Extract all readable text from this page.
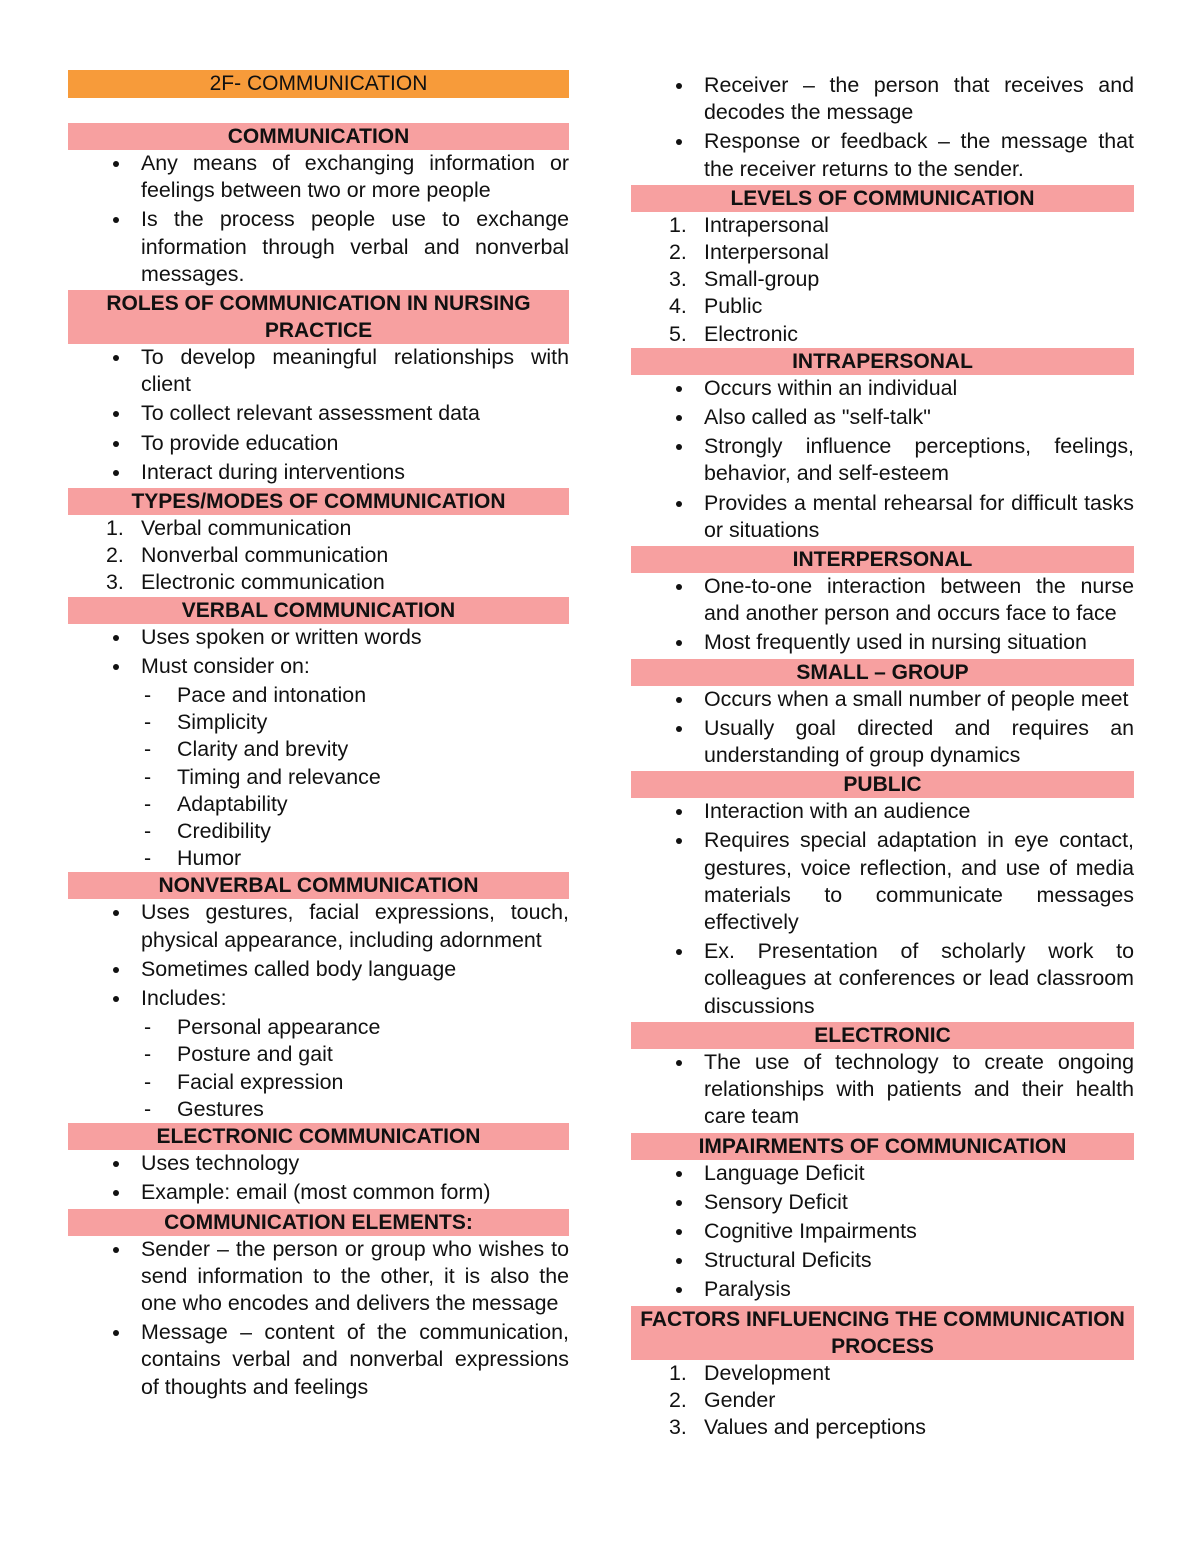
2F- COMMUNICATION
COMMUNICATION
Any means of exchanging information or feelings between two or more people
Is the process people use to exchange information through verbal and nonverbal messages.
ROLES OF COMMUNICATION IN NURSING PRACTICE
To develop meaningful relationships with client
To collect relevant assessment data
To provide education
Interact during interventions
TYPES/MODES OF COMMUNICATION
1. Verbal communication
2. Nonverbal communication
3. Electronic communication
VERBAL COMMUNICATION
Uses spoken or written words
Must consider on:
- Pace and intonation
- Simplicity
- Clarity and brevity
- Timing and relevance
- Adaptability
- Credibility
- Humor
NONVERBAL COMMUNICATION
Uses gestures, facial expressions, touch, physical appearance, including adornment
Sometimes called body language
Includes:
- Personal appearance
- Posture and gait
- Facial expression
- Gestures
ELECTRONIC COMMUNICATION
Uses technology
Example: email (most common form)
COMMUNICATION ELEMENTS:
Sender – the person or group who wishes to send information to the other, it is also the one who encodes and delivers the message
Message – content of the communication, contains verbal and nonverbal expressions of thoughts and feelings
Receiver – the person that receives and decodes the message
Response or feedback – the message that the receiver returns to the sender.
LEVELS OF COMMUNICATION
1. Intrapersonal
2. Interpersonal
3. Small-group
4. Public
5. Electronic
INTRAPERSONAL
Occurs within an individual
Also called as "self-talk"
Strongly influence perceptions, feelings, behavior, and self-esteem
Provides a mental rehearsal for difficult tasks or situations
INTERPERSONAL
One-to-one interaction between the nurse and another person and occurs face to face
Most frequently used in nursing situation
SMALL – GROUP
Occurs when a small number of people meet
Usually goal directed and requires an understanding of group dynamics
PUBLIC
Interaction with an audience
Requires special adaptation in eye contact, gestures, voice reflection, and use of media materials to communicate messages effectively
Ex. Presentation of scholarly work to colleagues at conferences or lead classroom discussions
ELECTRONIC
The use of technology to create ongoing relationships with patients and their health care team
IMPAIRMENTS OF COMMUNICATION
Language Deficit
Sensory Deficit
Cognitive Impairments
Structural Deficits
Paralysis
FACTORS INFLUENCING THE COMMUNICATION PROCESS
1. Development
2. Gender
3. Values and perceptions
